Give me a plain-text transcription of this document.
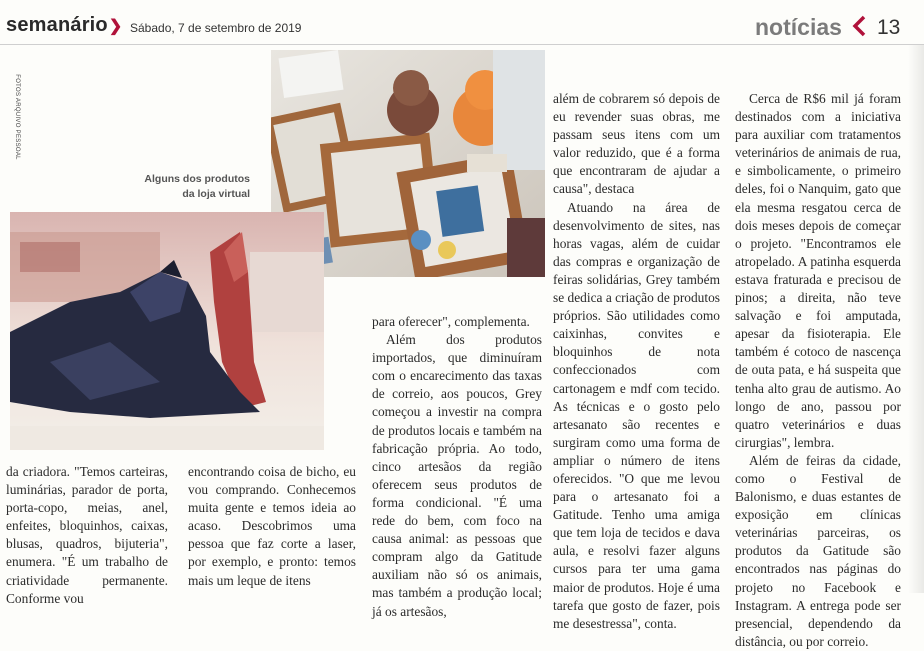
semanário❯ Sábado, 7 de setembro de 2019	notícias 13
FOTOS ARQUIVO PESSOAL
Alguns dos produtos
da loja virtual

da criadora. "Temos carteiras, luminárias, parador de porta, porta-copo, meias, anel, enfeites, bloquinhos, caixas, blusas, quadros, bijuteria", enumera. "É um trabalho de criatividade permanente. Conforme vou

encontrando coisa de bicho, eu vou comprando. Conhecemos muita gente e temos ideia ao acaso. Descobrimos uma pessoa que faz corte a laser, por exemplo, e pronto: temos mais um leque de itens

para oferecer", complementa.

Além dos produtos importados, que diminuíram com o encarecimento das taxas de correio, aos poucos, Grey começou a investir na compra de produtos locais e também na fabricação própria. Ao todo, cinco artesãos da região oferecem seus produtos de forma condicional. "É uma rede do bem, com foco na causa animal: as pessoas que compram algo da Gatitude auxiliam não só os animais, mas também a produção local; já os artesãos,

além de cobrarem só depois de eu revender suas obras, me passam seus itens com um valor reduzido, que é a forma que encontraram de ajudar a causa", destaca

Atuando na área de desenvolvimento de sites, nas horas vagas, além de cuidar das compras e organização de feiras solidárias, Grey também se dedica a criação de produtos próprios. São utilidades como caixinhas, convites e bloquinhos de nota confeccionados com cartonagem e mdf com tecido. As técnicas e o gosto pelo artesanato são recentes e surgiram como uma forma de ampliar o número de itens oferecidos. "O que me levou para o artesanato foi a Gatitude. Tenho uma amiga que tem loja de tecidos e dava aula, e resolvi fazer alguns cursos para ter uma gama maior de produtos. Hoje é uma tarefa que gosto de fazer, pois me desestressa", conta.

Cerca de R$6 mil já foram destinados com a iniciativa para auxiliar com tratamentos veterinários de animais de rua, e simbolicamente, o primeiro deles, foi o Nanquim, gato que ela mesma resgatou cerca de dois meses depois de começar o projeto. "Encontramos ele atropelado. A patinha esquerda estava fraturada e precisou de pinos; a direita, não teve salvação e foi amputada, apesar da fisioterapia. Ele também é cotoco de nascença de outa pata, e há suspeita que tenha alto grau de autismo. Ao longo de ano, passou por quatro veterinários e duas cirurgias", lembra.

Além de feiras da cidade, como o Festival de Balonismo, e duas estantes de exposição em clínicas veterinárias parceiras, os produtos da Gatitude são encontrados nas páginas do projeto no Facebook e Instagram. A entrega pode ser presencial, dependendo da distância, ou por correio.
